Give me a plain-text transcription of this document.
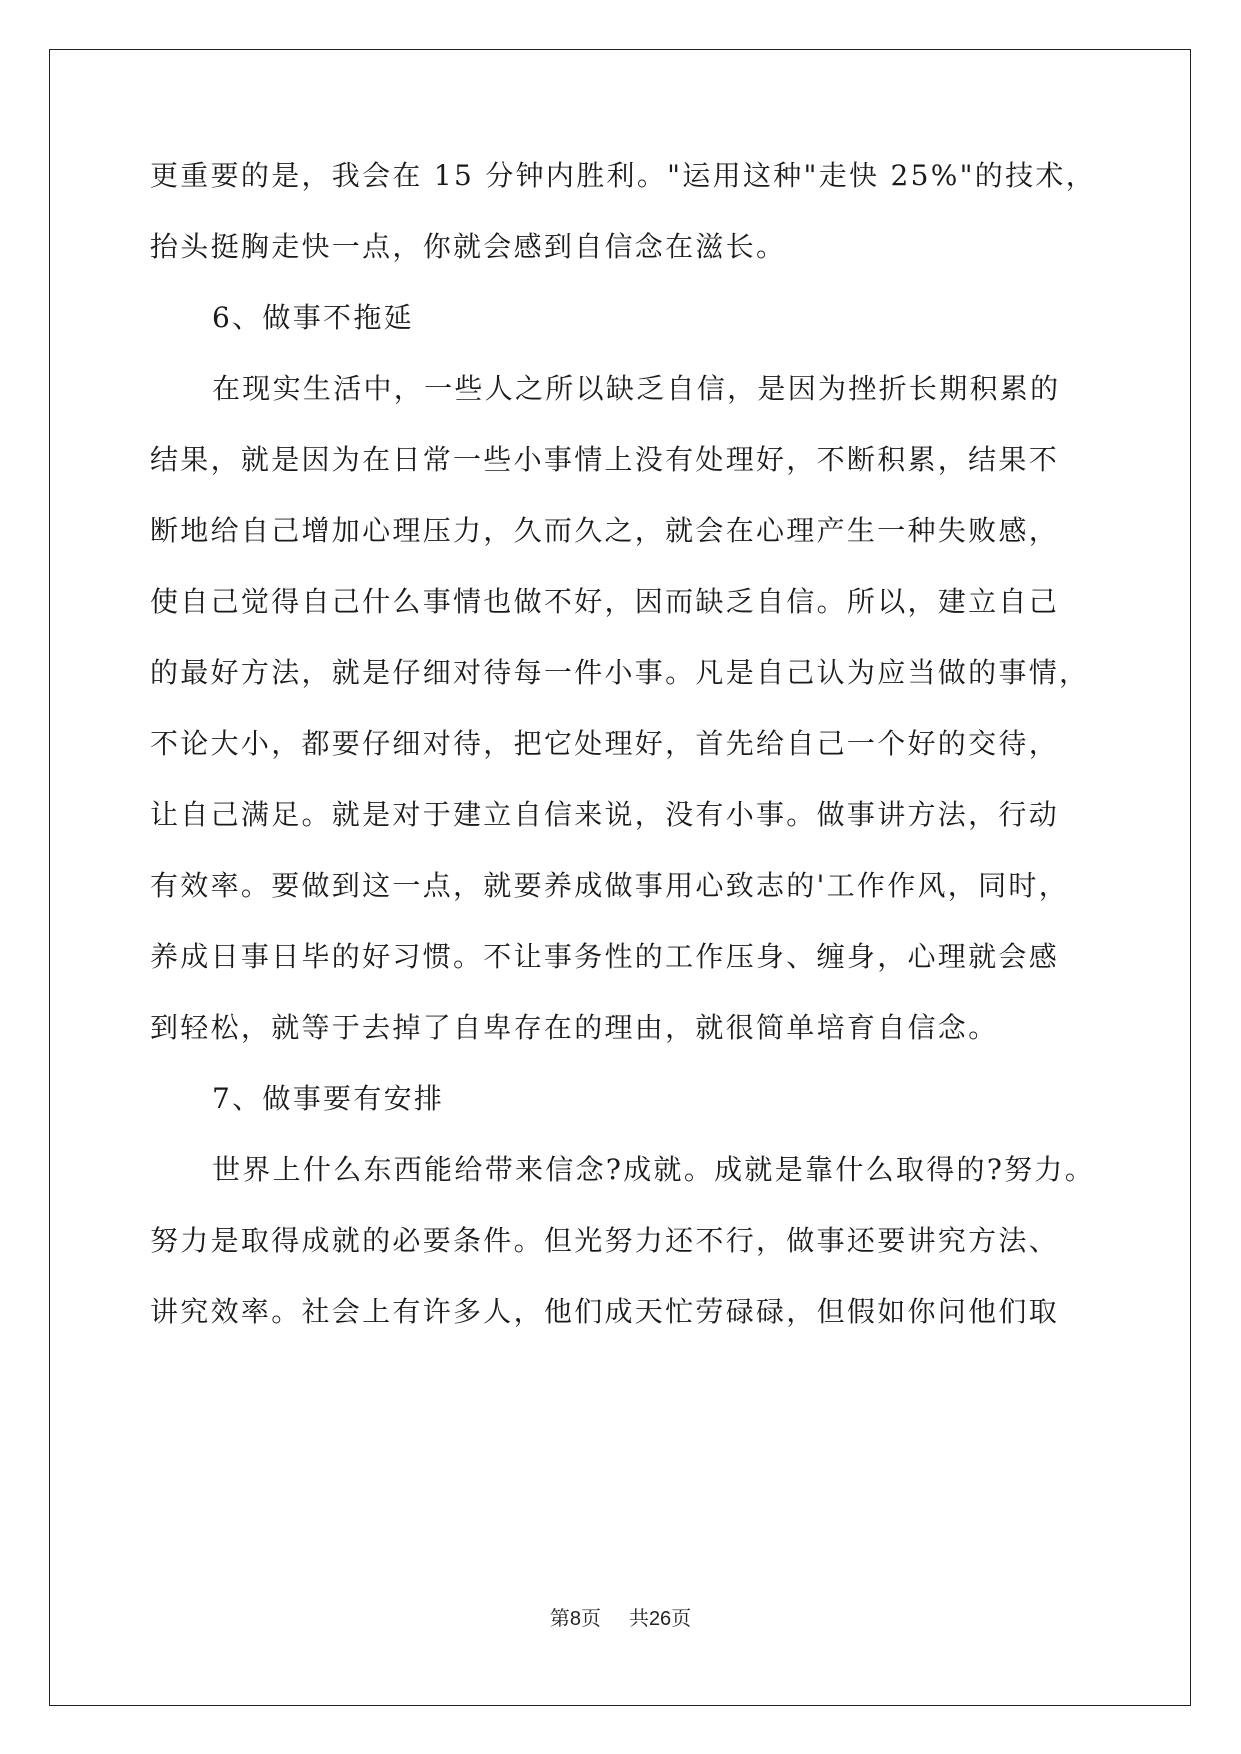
更重要的是，我会在 15 分钟内胜利。"运用这种"走快 25%"的技术，
抬头挺胸走快一点，你就会感到自信念在滋长。
6、做事不拖延
在现实生活中，一些人之所以缺乏自信，是因为挫折长期积累的
结果，就是因为在日常一些小事情上没有处理好，不断积累，结果不
断地给自己增加心理压力，久而久之，就会在心理产生一种失败感，
使自己觉得自己什么事情也做不好，因而缺乏自信。所以，建立自己
的最好方法，就是仔细对待每一件小事。凡是自己认为应当做的事情，
不论大小，都要仔细对待，把它处理好，首先给自己一个好的交待，
让自己满足。就是对于建立自信来说，没有小事。做事讲方法，行动
有效率。要做到这一点，就要养成做事用心致志的'工作作风，同时，
养成日事日毕的好习惯。不让事务性的工作压身、缠身，心理就会感
到轻松，就等于去掉了自卑存在的理由，就很简单培育自信念。
7、做事要有安排
世界上什么东西能给带来信念?成就。成就是靠什么取得的?努力。
努力是取得成就的必要条件。但光努力还不行，做事还要讲究方法、
讲究效率。社会上有许多人，他们成天忙劳碌碌，但假如你问他们取
第8页 共26页
